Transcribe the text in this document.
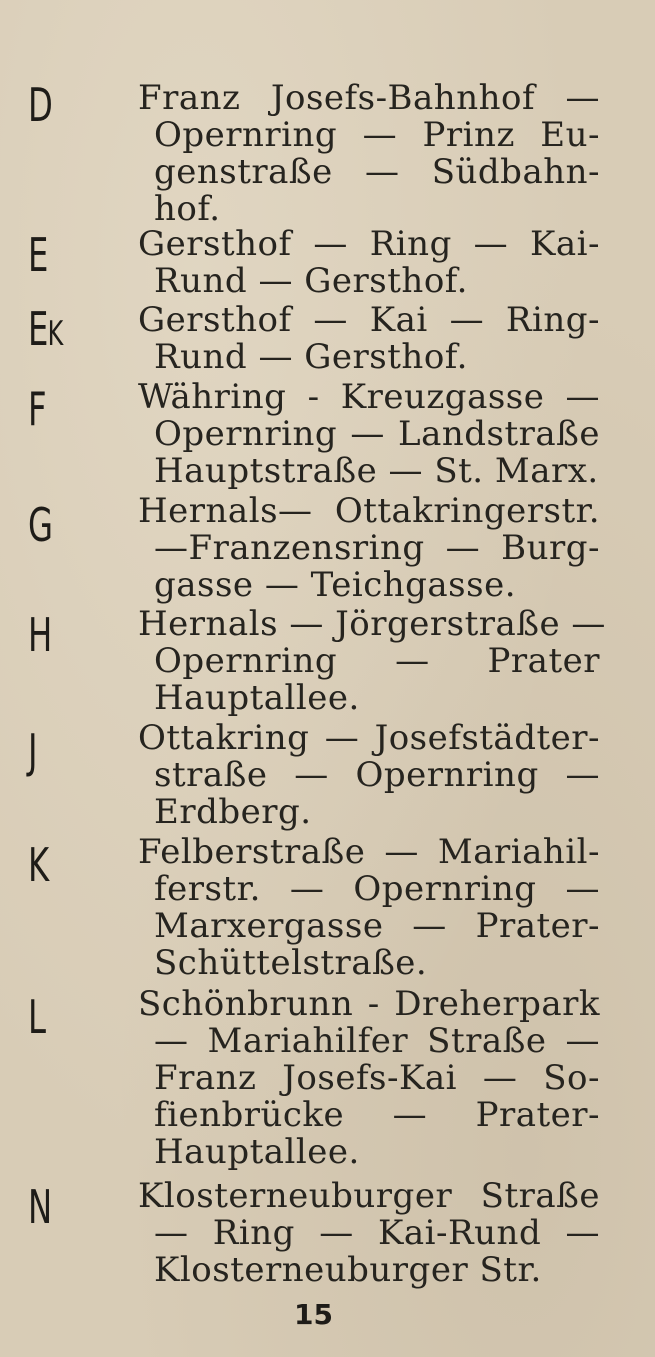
D	Franz Josefs-Bahnhof —
Opernring — Prinz Eu-
genstraße — Südbahn-
hof.
E	Gersthof — Ring — Kai-
Rund — Gersthof.
EK	Gersthof — Kai — Ring-
Rund — Gersthof.
F	Währing - Kreuzgasse —
Opernring — Landstraße
Hauptstraße — St. Marx.
G	Hernals— Ottakringerstr.
—Franzensring — Burg-
gasse — Teichgasse.
H	Hernals — Jörgerstraße —
Opernring — Prater
Hauptallee.
J	Ottakring — Josefstädter-
straße — Opernring —
Erdberg.
K	Felberstraße — Mariahil-
ferstr. — Opernring —
Marxergasse — Prater-
Schüttelstraße.
L	Schönbrunn - Dreherpark
— Mariahilfer Straße —
Franz Josefs-Kai — So-
fienbrücke — Prater-
Hauptallee.
N	Klosterneuburger Straße
— Ring — Kai-Rund —
Klosterneuburger Str.
15
